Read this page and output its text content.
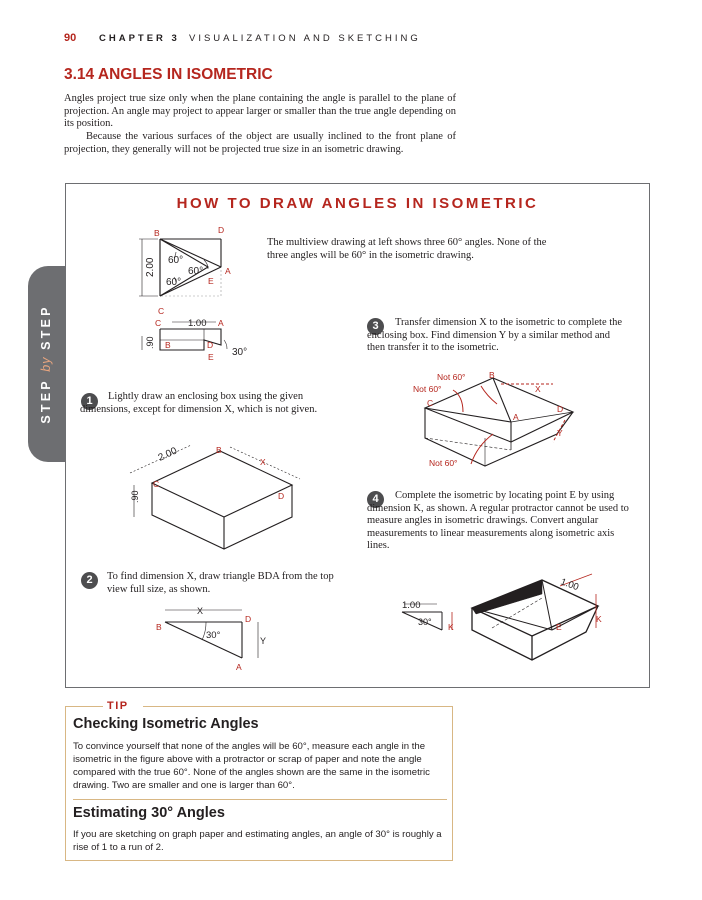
90 CHAPTER 3 VISUALIZATION AND SKETCHING
3.14 ANGLES IN ISOMETRIC

Angles project true size only when the plane containing the angle is parallel to the plane of projection. An angle may project to appear larger or smaller than the true angle depending on its position.

Because the various surfaces of the object are usually inclined to the front plane of projection, they generally will not be projected true size in an isometric drawing.

STEP by STEP
HOW TO DRAW ANGLES IN ISOMETRIC

The multiview drawing at left shows three 60° angles. None of the three angles will be 60° in the isometric drawing.

B	D
A
E
C
60°
60°
60°
2.00
1.00
.90
30°
C
B	D
A
E
1	Lightly draw an enclosing box using the given dimensions, except for dimension X, which is not given.

2.00
.90
B
X
C
D
2	To find dimension X, draw triangle BDA from the top view full size, as shown.

X
B
D
A
Y
30°
3	Transfer dimension X to the isometric to complete the enclosing box. Find dimension Y by a similar method and then transfer it to the isometric.

Not 60°
Not 60°
Not 60°
B
X
C
A
D
Y
4	Complete the isometric by locating point E by using dimension K, as shown. A regular protractor cannot be used to measure angles in isometric drawings. Convert angular measurements to linear measurements along isometric axis lines.

1.00
30° K
1.00
E
K
TIP
Checking Isometric Angles

To convince yourself that none of the angles will be 60°, measure each angle in the isometric in the figure above with a protractor or scrap of paper and note the angle compared with the true 60°. None of the angles shown are the same in the isometric drawing. Two are smaller and one is larger than 60°.

Estimating 30° Angles

If you are sketching on graph paper and estimating angles, an angle of 30° is roughly a rise of 1 to a run of 2.
